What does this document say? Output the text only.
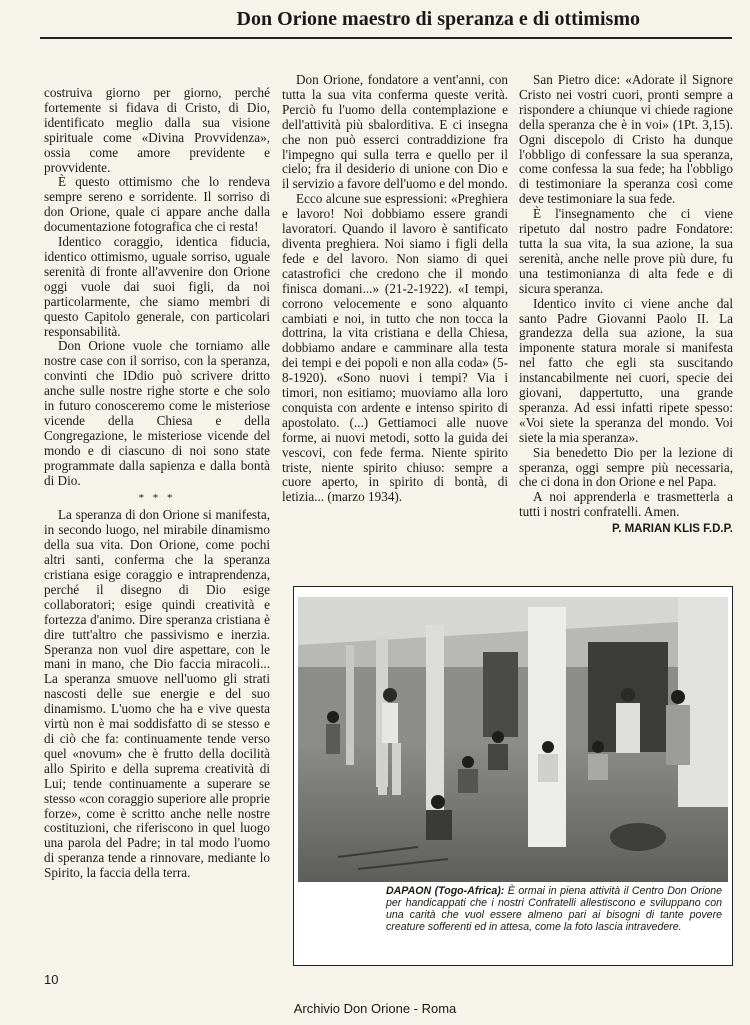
Don Orione maestro di speranza e di ottimismo

costruiva giorno per giorno, perché fortemente si fidava di Cristo, di Dio, identificato meglio dalla sua visione spirituale come «Divina Provvidenza», ossia come amore previdente e provvidente.

È questo ottimismo che lo rendeva sempre sereno e sorridente. Il sorriso di don Orione, quale ci appare anche dalla documentazione fotografica che ci resta!

Identico coraggio, identica fiducia, identico ottimismo, uguale sorriso, uguale serenità di fronte all'avvenire don Orione oggi vuole dai suoi figli, da noi particolarmente, che siamo membri di questo Capitolo generale, con particolari responsabilità.

Don Orione vuole che torniamo alle nostre case con il sorriso, con la speranza, convinti che IDdio può scrivere dritto anche sulle nostre righe storte e che solo in futuro conosceremo come le misteriose vicende della Chiesa e della Congregazione, le misteriose vicende del mondo e di ciascuno di noi sono state programmate dalla sapienza e dalla bontà di Dio.

* * *

La speranza di don Orione si manifesta, in secondo luogo, nel mirabile dinamismo della sua vita. Don Orione, come pochi altri santi, conferma che la speranza cristiana esige coraggio e intraprendenza, perché il disegno di Dio esige collaboratori; esige quindi creatività e fortezza d'animo. Dire speranza cristiana è dire tutt'altro che passivismo e inerzia. Speranza non vuol dire aspettare, con le mani in mano, che Dio faccia miracoli... La speranza smuove nell'uomo gli strati nascosti delle sue energie e del suo dinamismo. L'uomo che ha e vive questa virtù non è mai soddisfatto di se stesso e di ciò che fa: continuamente tende verso quel «novum» che è frutto della docilità allo Spirito e della suprema creatività di Lui; tende continuamente a superare se stesso «con coraggio superiore alle proprie forze», come è scritto anche nelle nostre costituzioni, che riferiscono in quel luogo una parola del Padre; in tal modo l'uomo di speranza tende a rinnovare, mediante lo Spirito, la faccia della terra.

Don Orione, fondatore a vent'anni, con tutta la sua vita conferma queste verità. Perciò fu l'uomo della contemplazione e dell'attività più sbalorditiva. E ci insegna che non può esserci contraddizione fra l'impegno qui sulla terra e quello per il cielo; fra il desiderio di unione con Dio e il servizio a favore dell'uomo e del mondo.

Ecco alcune sue espressioni: «Preghiera e lavoro! Noi dobbiamo essere grandi lavoratori. Quando il lavoro è santificato diventa preghiera. Noi siamo i figli della fede e del lavoro. Non siamo di quei catastrofici che credono che il mondo finisca domani...» (21-2-1922). «I tempi, corrono velocemente e sono alquanto cambiati e noi, in tutto che non tocca la dottrina, la vita cristiana e della Chiesa, dobbiamo andare e camminare alla testa dei tempi e dei popoli e non alla coda» (5-8-1920). «Sono nuovi i tempi? Via i timori, non esitiamo; muoviamo alla loro conquista con ardente e intenso spirito di apostolato. (...) Gettiamoci alle nuove forme, ai nuovi metodi, sotto la guida dei vescovi, con fede ferma. Niente spirito triste, niente spirito chiuso: sempre a cuore aperto, in spirito di bontà, di letizia... (marzo 1934).

San Pietro dice: «Adorate il Signore Cristo nei vostri cuori, pronti sempre a rispondere a chiunque vi chiede ragione della speranza che è in voi» (1Pt. 3,15). Ogni discepolo di Cristo ha dunque l'obbligo di confessare la sua speranza, come confessa la sua fede; ha l'obbligo di testimoniare la speranza così come deve testimoniare la sua fede.

È l'insegnamento che ci viene ripetuto dal nostro padre Fondatore: tutta la sua vita, la sua azione, la sua serenità, anche nelle prove più dure, fu una testimonianza di alta fede e di sicura speranza.

Identico invito ci viene anche dal santo Padre Giovanni Paolo II. La grandezza della sua azione, la sua imponente statura morale si manifesta nel fatto che egli sta suscitando instancabilmente nei cuori, specie dei giovani, dappertutto, una grande speranza. Ad essi infatti ripete spesso: «Voi siete la speranza del mondo. Voi siete la mia speranza».

Sia benedetto Dio per la lezione di speranza, oggi sempre più necessaria, che ci dona in don Orione e nel Papa.

A noi apprenderla e trasmetterla a tutti i nostri confratelli. Amen.

P. MARIAN KLIS F.D.P.
DAPAON (Togo-Africa): È ormai in piena attività il Centro Don Orione per handicappati che i nostri Confratelli allestiscono e sviluppano con una carità che vuol essere almeno pari ai bisogni di tante povere creature sofferenti ed in attesa, come la foto lascia intravedere.
10
Archivio Don Orione - Roma
